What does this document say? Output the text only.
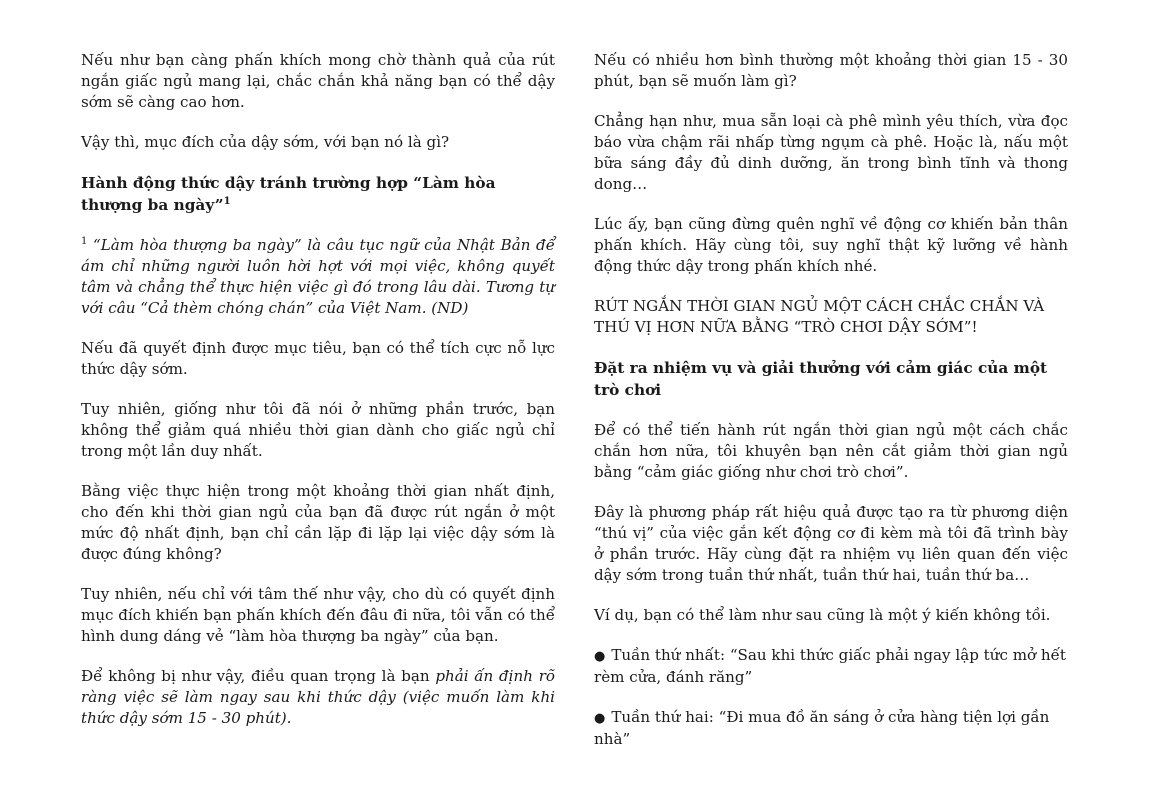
Nếu như bạn càng phấn khích mong chờ thành quả của rút ngắn giấc ngủ mang lại, chắc chắn khả năng bạn có thể dậy sớm sẽ càng cao hơn.

Vậy thì, mục đích của dậy sớm, với bạn nó là gì?

Hành động thức dậy tránh trường hợp “Làm hòa thượng ba ngày”$^1$

$^1$ “Làm hòa thượng ba ngày” là câu tục ngữ của Nhật Bản để ám chỉ những người luôn hời hợt với mọi việc, không quyết tâm và chẳng thể thực hiện việc gì đó trong lâu dài. Tương tự với câu “Cả thèm chóng chán” của Việt Nam. (ND)

Nếu đã quyết định được mục tiêu, bạn có thể tích cực nỗ lực thức dậy sớm.

Tuy nhiên, giống như tôi đã nói ở những phần trước, bạn không thể giảm quá nhiều thời gian dành cho giấc ngủ chỉ trong một lần duy nhất.

Bằng việc thực hiện trong một khoảng thời gian nhất định, cho đến khi thời gian ngủ của bạn đã được rút ngắn ở một mức độ nhất định, bạn chỉ cần lặp đi lặp lại việc dậy sớm là được đúng không?

Tuy nhiên, nếu chỉ với tâm thế như vậy, cho dù có quyết định mục đích khiến bạn phấn khích đến đâu đi nữa, tôi vẫn có thể hình dung dáng vẻ “làm hòa thượng ba ngày” của bạn.

Để không bị như vậy, điều quan trọng là bạn phải ấn định rõ ràng việc sẽ làm ngay sau khi thức dậy (việc muốn làm khi thức dậy sớm 15 - 30 phút).

Nếu có nhiều hơn bình thường một khoảng thời gian 15 - 30 phút, bạn sẽ muốn làm gì?

Chẳng hạn như, mua sẵn loại cà phê mình yêu thích, vừa đọc báo vừa chậm rãi nhấp từng ngụm cà phê. Hoặc là, nấu một bữa sáng đầy đủ dinh dưỡng, ăn trong bình tĩnh và thong dong…

Lúc ấy, bạn cũng đừng quên nghĩ về động cơ khiến bản thân phấn khích. Hãy cùng tôi, suy nghĩ thật kỹ lưỡng về hành động thức dậy trong phấn khích nhé.

RÚT NGẮN THỜI GIAN NGỦ MỘT CÁCH CHẮC CHẮN VÀ THÚ VỊ HƠN NỮA BẰNG “TRÒ CHƠI DẬY SỚM”!

Đặt ra nhiệm vụ và giải thưởng với cảm giác của một trò chơi

Để có thể tiến hành rút ngắn thời gian ngủ một cách chắc chắn hơn nữa, tôi khuyên bạn nên cắt giảm thời gian ngủ bằng “cảm giác giống như chơi trò chơi”.

Đây là phương pháp rất hiệu quả được tạo ra từ phương diện “thú vị” của việc gắn kết động cơ đi kèm mà tôi đã trình bày ở phần trước. Hãy cùng đặt ra nhiệm vụ liên quan đến việc dậy sớm trong tuần thứ nhất, tuần thứ hai, tuần thứ ba…

Ví dụ, bạn có thể làm như sau cũng là một ý kiến không tồi.

● Tuần thứ nhất: “Sau khi thức giấc phải ngay lập tức mở hết rèm cửa, đánh răng”

● Tuần thứ hai: “Đi mua đồ ăn sáng ở cửa hàng tiện lợi gần nhà”
